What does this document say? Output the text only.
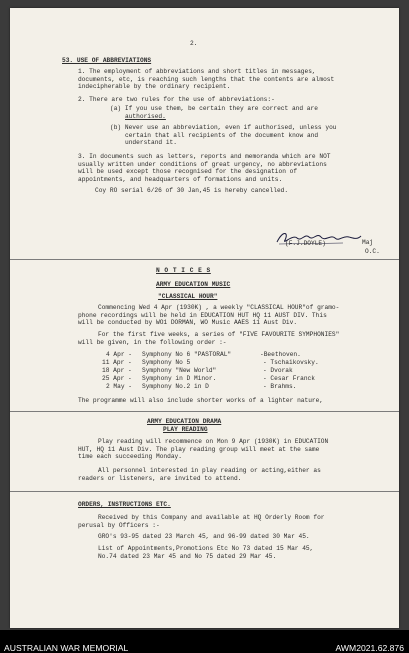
2.
53. USE OF ABBREVIATIONS
1. The employment of abbreviations and short titles in messages,
documents, etc, is reaching such lengths that the contents are almost
indecipherable by the ordinary recipient.
2. There are two rules for the use of abbreviations:-
(a) If you use them, be certain they are correct and are
authorised.
(b) Never use an abbreviation, even if authorised, unless you
certain that all recipients of the document know and
understand it.
3. In documents such as letters, reports and memoranda which are NOT
usually written under conditions of great urgency, no abbreviations
will be used except those recognised for the designation of
appointments, and headquarters of formations and units.
Coy RO serial 6/26 of 30 Jan,45 is hereby cancelled.
(F.J.DOYLE)	Maj
O.C.
N O T I C E S
ARMY EDUCATION MUSIC
"CLASSICAL HOUR"
Commencing Wed 4 Apr (1930K) , a weekly "CLASSICAL HOUR"of gramo-
phone recordings will be held in EDUCATION HUT HQ 11 AUST DIV. This
will be conducted by WO1 DORMAN, WO Music AAES 11 Aust Div.
For the first five weeks, a series of "FIVE FAVOURITE SYMPHONIES"
will be given, in the following order :-
4 Apr - Symphony No 6 "PASTORAL"	-Beethoven.
11 Apr - Symphony No 5	- Tschaikovsky.
18 Apr - Symphony "New World"	- Dvorak
25 Apr - Symphony in D Minor.	- Cesar Franck
2 May - Symphony No.2 in D	- Brahms.
The programme will also include shorter works of a lighter nature,
ARMY EDUCATION DRAMA
PLAY READING
Play reading will recommence on Mon 9 Apr (1930K) in EDUCATION
HUT, HQ 11 Aust Div. The play reading group will meet at the same
time each succeeding Monday.
All personnel interested in play reading or acting,either as
readers or listeners, are invited to attend.
ORDERS, INSTRUCTIONS ETC.
Received by this Company and available at HQ Orderly Room for
perusal by Officers :-
GRO's 93-95 dated 23 March 45, and 96-99 dated 30 Mar 45.
List of Appointments,Promotions Etc No 73 dated 15 Mar 45,
No.74 dated 23 Mar 45 and No 75 dated 29 Mar 45.
AUSTRALIAN WAR MEMORIAL	AWM2021.62.876
